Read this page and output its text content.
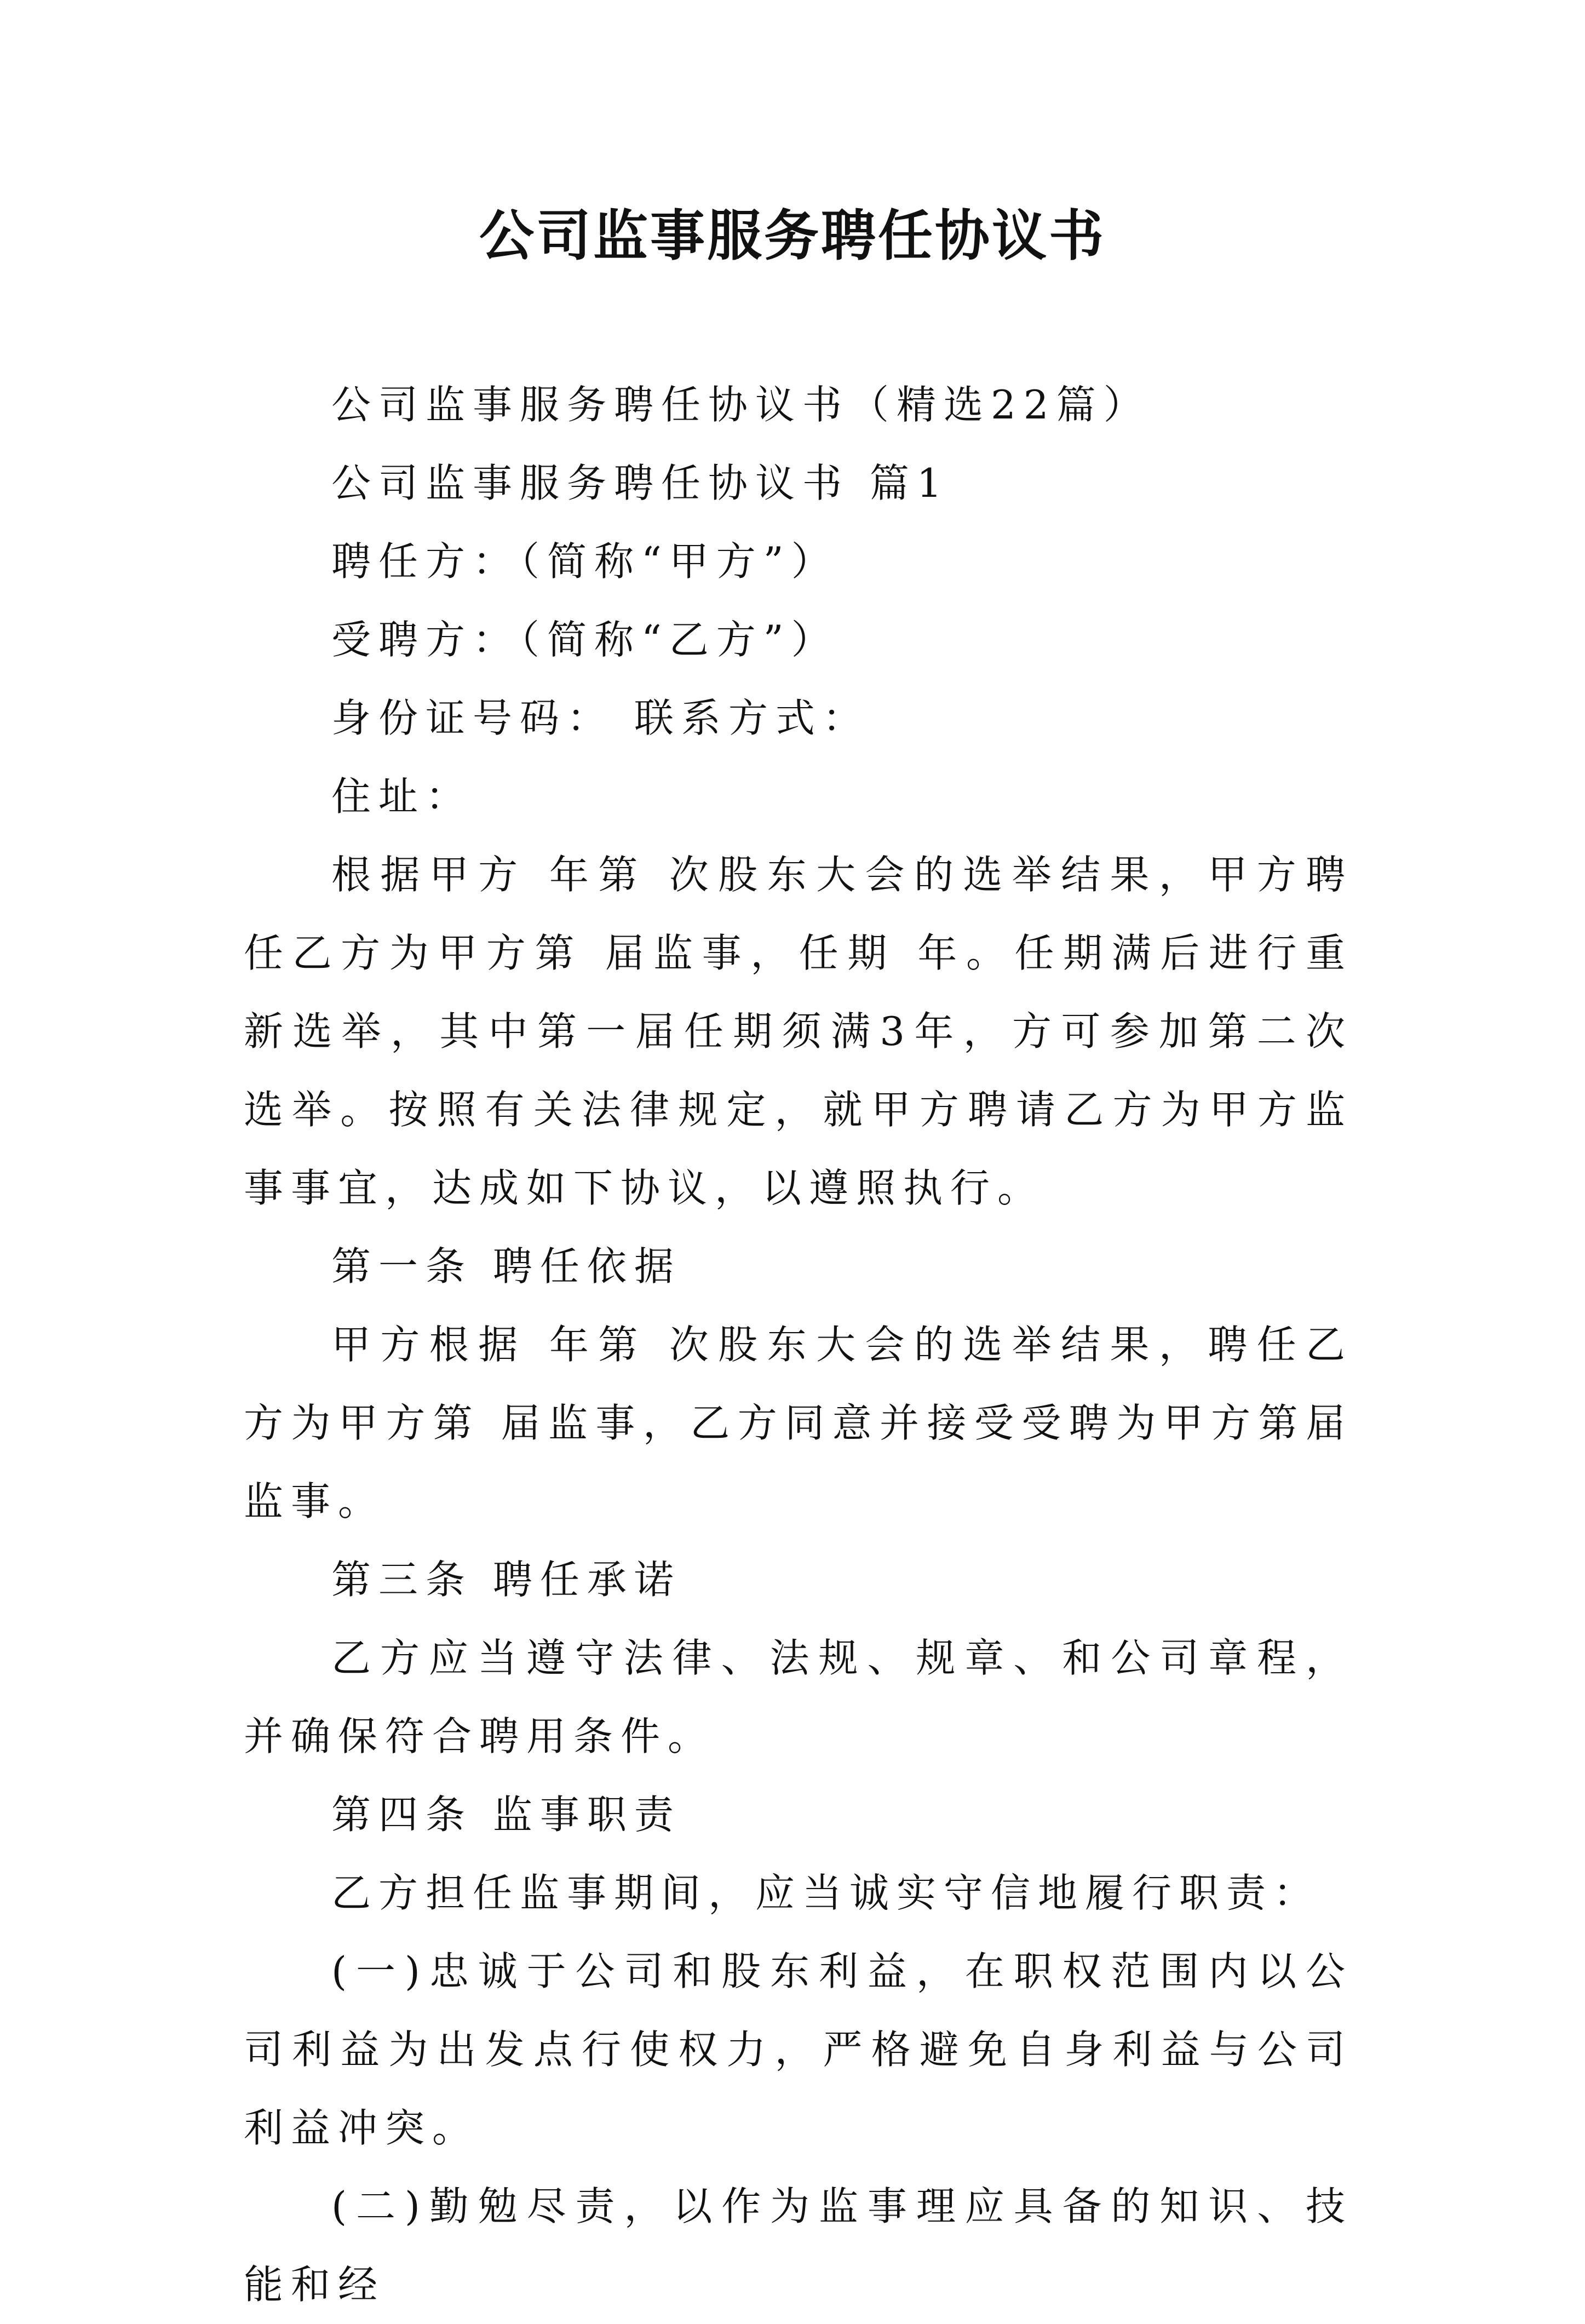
公司监事服务聘任协议书

公司监事服务聘任协议书（精选22篇）

公司监事服务聘任协议书 篇1

聘任方：（简称“甲方”）

受聘方：（简称“乙方”）

身份证号码： 联系方式：

住址：

根据甲方 年第 次股东大会的选举结果，甲方聘任乙方为甲方第 届监事，任期 年。任期满后进行重新选举，其中第一届任期须满3年，方可参加第二次选举。按照有关法律规定，就甲方聘请乙方为甲方监事事宜，达成如下协议，以遵照执行。

第一条 聘任依据

甲方根据 年第 次股东大会的选举结果，聘任乙方为甲方第 届监事，乙方同意并接受受聘为甲方第届监事。

第三条 聘任承诺

乙方应当遵守法律、法规、规章、和公司章程，并确保符合聘用条件。

第四条 监事职责

乙方担任监事期间，应当诚实守信地履行职责：

(一)忠诚于公司和股东利益，在职权范围内以公司利益为出发点行使权力，严格避免自身利益与公司利益冲突。

(二)勤勉尽责，以作为监事理应具备的知识、技能和经
